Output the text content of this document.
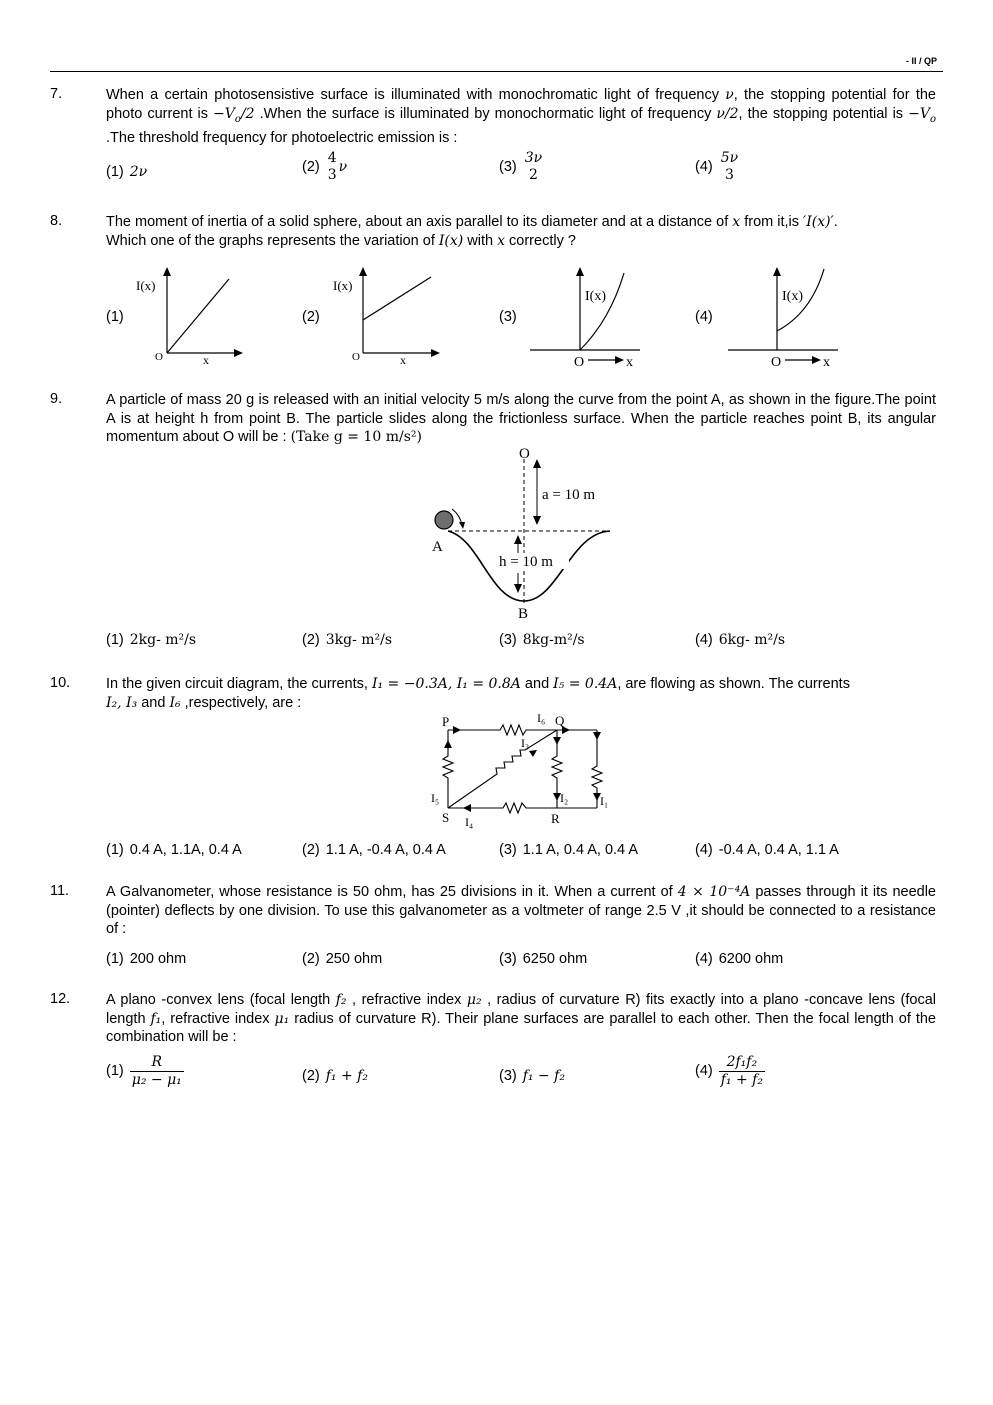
- II / QP
7.	When a certain photosensistive surface is illuminated with monochromatic light of frequency ν, the stopping potential for the photo current is $-V_o/2$ .When the surface is illuminated by monochormatic light of frequency ν/2, the stopping potential is $-V_o$ .The threshold frequency for photoelectric emission is :
(1) 2ν	(2)
4
3 ν	(3)
3ν
2
(4)
5ν
3
8.	The moment of inertia of a solid sphere, about an axis parallel to its diameter and at a distance of x from it,is ′I(x)′.
Which one of the graphs represents the variation of I(x) with x correctly ?
(1)
I(x)
O	x
(2)
I(x)
O	x
(3)
I(x)
O	x
(4)
I(x)
O	x
9.	A particle of mass 20 g is released with an initial velocity 5 m/s along the curve from the point A, as shown in the figure.The point A is at height h from point B. The particle slides along the frictionless surface. When the particle reaches point B, its angular momentum about O will be : (Take g = 10 m/s²)
O
a = 10 m
A
h = 10 m
B
(1) 2kg- m²/s	(2) 3kg- m²/s	(3) 8kg-m²/s	(4) 6kg- m²/s
10. In the given circuit diagram, the currents, I₁ = −0.3A, I₁ = 0.8A and I₅ = 0.4A, are flowing as shown. The currents
I₂, I₃ and I₆ ,respectively, are :
P	Q
R
S
I₆
I₃
I₂	I₁
I₅
I₄
(1) 0.4 A, 1.1A, 0.4 A	(2) 1.1 A, -0.4 A, 0.4 A	(3) 1.1 A, 0.4 A, 0.4 A	(4) -0.4 A, 0.4 A, 1.1 A
11.	A Galvanometer, whose resistance is 50 ohm, has 25 divisions in it. When a current of 4 × 10⁻⁴A passes through it its needle (pointer) deflects by one division. To use this galvanometer as a voltmeter of range 2.5 V ,it should be connected to a resistance of :
(1) 200 ohm	(2) 250 ohm	(3) 6250 ohm	(4) 6200 ohm
12. A plano -convex lens (focal length f₂ , refractive index μ₂ , radius of curvature R) fits exactly into a plano -concave lens (focal length f₁, refractive index μ₁ radius of curvature R). Their plane surfaces are parallel to each other. Then the focal length of the combination will be :
$(1) \frac{R}{\text{μ₂ − μ₁}}$	(2) f₁ + f₂	(3) f₁ − f₂	$(4) \frac{\text{2f₁f₂}}{\text{f₁ + f₂}}$
